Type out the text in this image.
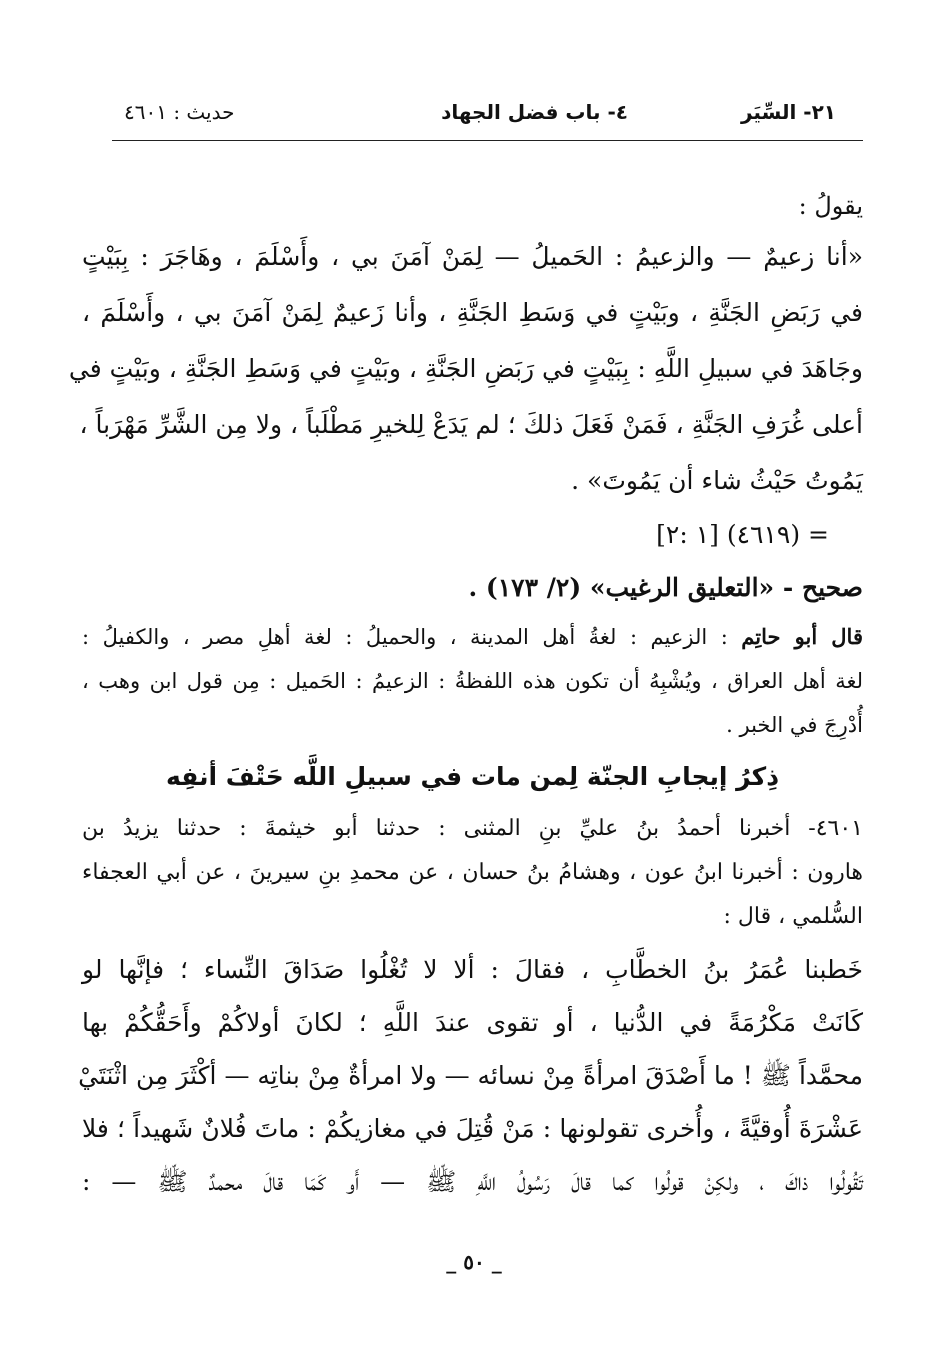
٢١- السِّيَر
٤- باب فضل الجهاد
حديث : ٤٦٠١
يقولُ :
«أنا زعيمٌ — والزعيمُ : الحَميلُ — لِمَنْ آمَنَ بي ، وأَسْلَمَ ، وهَاجَرَ : بِبَيْتٍ
في رَبَضِ الجَنَّةِ ، وبَيْتٍ في وَسَطِ الجَنَّةِ ، وأنا زَعيمٌ لِمَنْ آمَنَ بي ، وأَسْلَمَ ،
وجَاهَدَ في سبيلِ اللَّهِ : بِبَيْتٍ في رَبَضِ الجَنَّةِ ، وبَيْتٍ في وَسَطِ الجَنَّةِ ، وبَيْتٍ في
أعلى غُرَفِ الجَنَّةِ ، فَمَنْ فَعَلَ ذلكَ ؛ لم يَدَعْ لِلخيرِ مَطْلَباً ، ولا مِن الشَّرِّ مَهْرَباً ،
يَمُوتُ حَيْثُ شاء أن يَمُوتَ» .
= (٤٦١٩) [١ :٢]
صحيح - «التعليق الرغيب» (٢/ ١٧٣) .
قال أبو حاتِم : الزعيم : لغةُ أهل المدينة ، والحميلُ : لغة أهلِ مصر ، والكفيلُ :
لغة أهل العراق ، ويُشْبِهُ أن تكون هذه اللفظةُ : الزعيمُ : الحَميل : مِن قول ابن وهب ،
أُدْرِجَ في الخبر .
ذِكرُ إيجابِ الجنّة لِمن مات في سبيلِ اللَّه حَتْفَ أنفِه
٤٦٠١- أخبرنا أحمدُ بنُ عليِّ بنِ المثنى : حدثنا أبو خيثمةَ : حدثنا يزيدُ بن
هارون : أخبرنا ابنُ عون ، وهشامُ بنُ حسان ، عن محمدِ بنِ سيرينَ ، عن أبي العجفاء
السُّلمي ، قال :
خَطبنا عُمَرُ بنُ الخطَّابِ ، فقالَ : ألا لا تُغْلُوا صَدَاقَ النِّساء ؛ فإنَّها لو
كَانَتْ مَكْرُمَةً في الدُّنيا ، أو تقوى عندَ اللَّهِ ؛ لكانَ أولاكُمْ وأَحَقُّكُمْ بها
محمَّداً ﷺ ! ما أَصْدَقَ امرأةً مِنْ نسائه — ولا امرأةٌ مِنْ بناتِه — أكْثَرَ مِن اثْنَتَيْ
عَشْرَةَ أُوقيَّةً ، وأُخرى تقولونها : مَنْ قُتِلَ في مغازيكُمْ : ماتَ فُلانٌ شَهيداً ؛ فلا
تَقُولُوا ذاكَ ، ولكِنْ قولُوا كما قالَ رَسُولُ اللَّهِ ﷺ — أَو كَمَا قالَ محمدٌ ﷺ — :
_ ٥٠ _
